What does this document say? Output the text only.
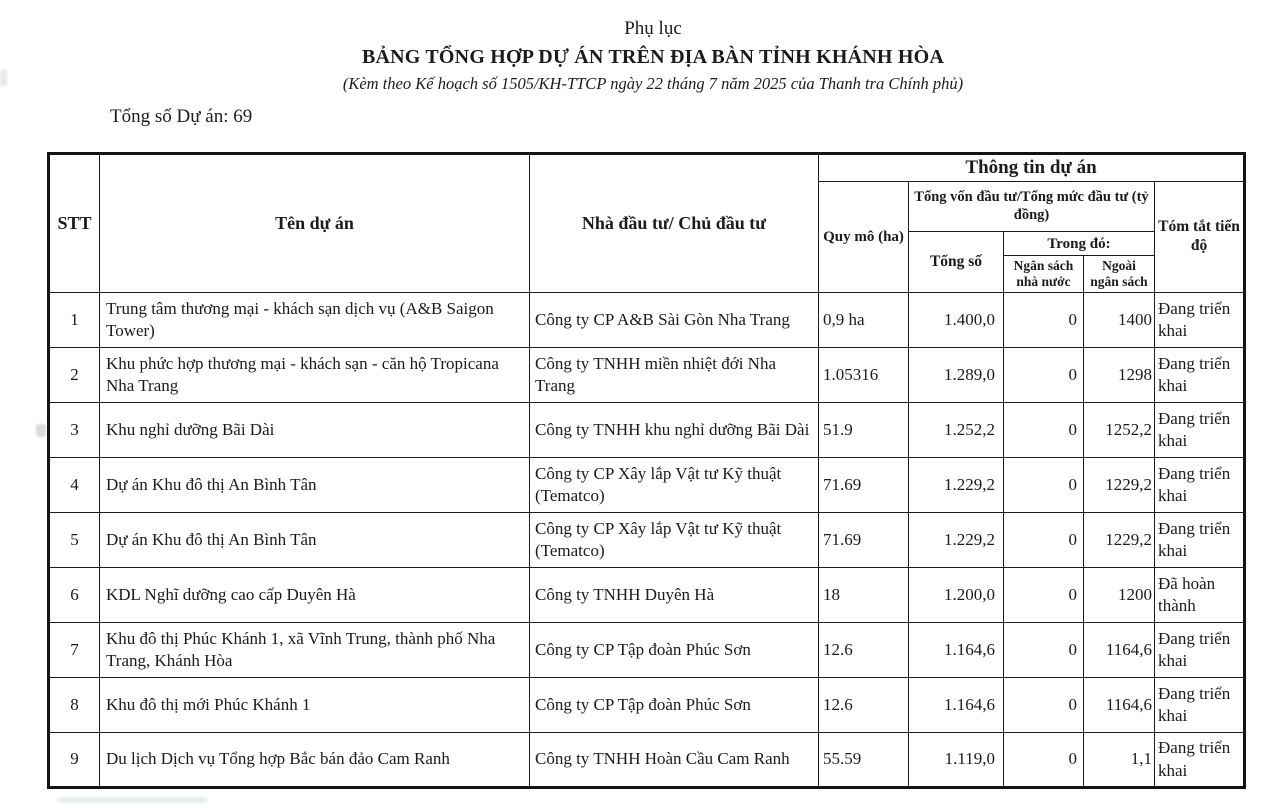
Phụ lục
BẢNG TỔNG HỢP DỰ ÁN TRÊN ĐỊA BÀN TỈNH KHÁNH HÒA
(Kèm theo Kế hoạch số 1505/KH-TTCP ngày 22 tháng 7 năm 2025 của Thanh tra Chính phủ)
Tổng số Dự án: 69
STT	Tên dự án	Nhà đầu tư/ Chủ đầu tư	Thông tin dự án				
			Quy mô (ha)	Tổng vốn đầu tư/Tổng mức đầu tư (tỷ đồng)			Tóm tắt tiến độ
				Tổng số	Trong đó:		
					Ngân sách nhà nước	Ngoài ngân sách	
1	Trung tâm thương mại - khách sạn dịch vụ (A&B Saigon Tower)	Công ty CP A&B Sài Gòn Nha Trang	0,9 ha	1.400,0	0	1400	Đang triển khai
2	Khu phức hợp thương mại - khách sạn - căn hộ Tropicana Nha Trang	Công ty TNHH miền nhiệt đới Nha Trang	1.05316	1.289,0	0	1298	Đang triển khai
3	Khu nghỉ dưỡng Bãi Dài	Công ty TNHH khu nghỉ dưỡng Bãi Dài	51.9	1.252,2	0	1252,2	Đang triển khai
4	Dự án Khu đô thị An Bình Tân	Công ty CP Xây lắp Vật tư Kỹ thuật (Tematco)	71.69	1.229,2	0	1229,2	Đang triển khai
5	Dự án Khu đô thị An Bình Tân	Công ty CP Xây lắp Vật tư Kỹ thuật (Tematco)	71.69	1.229,2	0	1229,2	Đang triển khai
6	KDL Nghĩ dưỡng cao cấp Duyên Hà	Công ty TNHH Duyên Hà	18	1.200,0	0	1200	Đã hoàn thành
7	Khu đô thị Phúc Khánh 1, xã Vĩnh Trung, thành phố Nha Trang, Khánh Hòa	Công ty CP Tập đoàn Phúc Sơn	12.6	1.164,6	0	1164,6	Đang triển khai
8	Khu đô thị mới Phúc Khánh 1	Công ty CP Tập đoàn Phúc Sơn	12.6	1.164,6	0	1164,6	Đang triển khai
9	Du lịch Dịch vụ Tổng hợp Bắc bán đảo Cam Ranh	Công ty TNHH Hoàn Cầu Cam Ranh	55.59	1.119,0	0	1,1	Đang triển khai
